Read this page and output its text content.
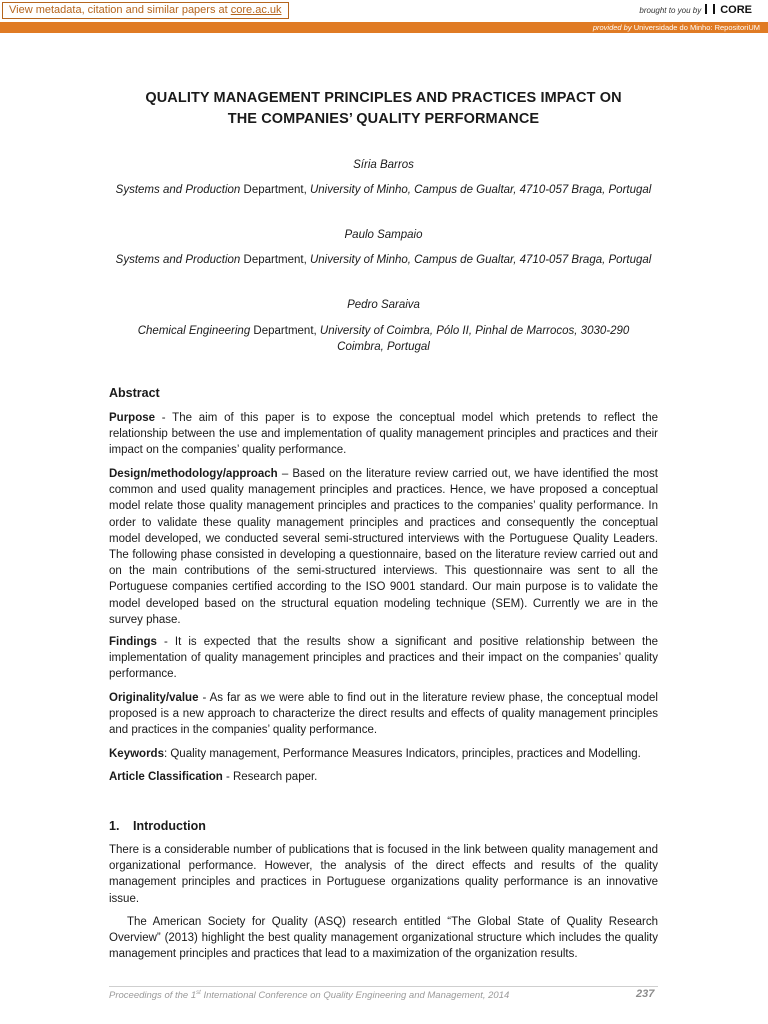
View metadata, citation and similar papers at core.ac.uk	brought to you by CORE
provided by Universidade do Minho: RepositoriUM
QUALITY MANAGEMENT PRINCIPLES AND PRACTICES IMPACT ON
THE COMPANIES’ QUALITY PERFORMANCE
Síria Barros
Systems and Production Department, University of Minho, Campus de Gualtar, 4710-057 Braga, Portugal
Paulo Sampaio
Systems and Production Department, University of Minho, Campus de Gualtar, 4710-057 Braga, Portugal
Pedro Saraiva
Chemical Engineering Department, University of Coimbra, Pólo II, Pinhal de Marrocos, 3030-290
Coimbra, Portugal
Abstract
Purpose - The aim of this paper is to expose the conceptual model which pretends to reflect the relationship between the use and implementation of quality management principles and practices and their impact on the companies’ quality performance.
Design/methodology/approach – Based on the literature review carried out, we have identified the most common and used quality management principles and practices. Hence, we have proposed a conceptual model relate those quality management principles and practices to the companies’ quality performance. In order to validate these quality management principles and practices and consequently the conceptual model developed, we conducted several semi-structured interviews with the Portuguese Quality Leaders. The following phase consisted in developing a questionnaire, based on the literature review carried out and on the main contributions of the semi-structured interviews. This questionnaire was sent to all the Portuguese companies certified according to the ISO 9001 standard. Our main purpose is to validate the model developed based on the structural equation modeling technique (SEM). Currently we are in the survey phase.
Findings - It is expected that the results show a significant and positive relationship between the implementation of quality management principles and practices and their impact on the companies’ quality performance.
Originality/value - As far as we were able to find out in the literature review phase, the conceptual model proposed is a new approach to characterize the direct results and effects of quality management principles and practices in the companies’ quality performance.
Keywords: Quality management, Performance Measures Indicators, principles, practices and Modelling.
Article Classification - Research paper.
1. Introduction
There is a considerable number of publications that is focused in the link between quality management and organizational performance. However, the analysis of the direct effects and results of the quality management principles and practices in Portuguese organizations quality performance is an innovative issue.
The American Society for Quality (ASQ) research entitled “The Global State of Quality Research Overview” (2013) highlight the best quality management organizational structure which includes the quality management principles and practices that lead to a maximization of the organization results.
Proceedings of the 1st International Conference on Quality Engineering and Management, 2014	237
